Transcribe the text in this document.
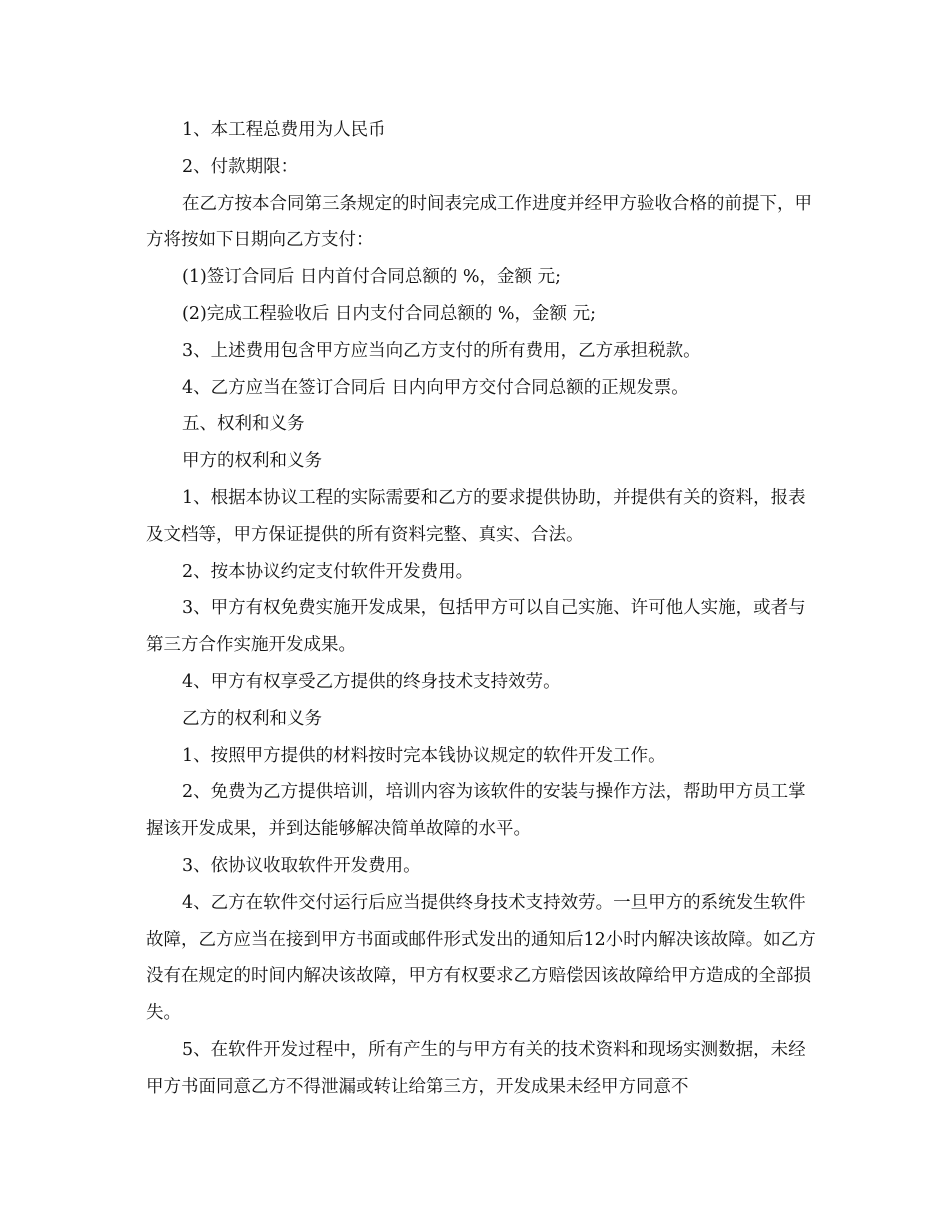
1、本工程总费用为人民币

2、付款期限：

在乙方按本合同第三条规定的时间表完成工作进度并经甲方验收合格的前提下，甲方将按如下日期向乙方支付：

(1)签订合同后 日内首付合同总额的 %，金额 元;

(2)完成工程验收后 日内支付合同总额的 %，金额 元;

3、上述费用包含甲方应当向乙方支付的所有费用，乙方承担税款。

4、乙方应当在签订合同后 日内向甲方交付合同总额的正规发票。

五、权利和义务

甲方的权利和义务

1、根据本协议工程的实际需要和乙方的要求提供协助，并提供有关的资料，报表及文档等，甲方保证提供的所有资料完整、真实、合法。

2、按本协议约定支付软件开发费用。

3、甲方有权免费实施开发成果，包括甲方可以自己实施、许可他人实施，或者与第三方合作实施开发成果。

4、甲方有权享受乙方提供的终身技术支持效劳。

乙方的权利和义务

1、按照甲方提供的材料按时完本钱协议规定的软件开发工作。

2、免费为乙方提供培训，培训内容为该软件的安装与操作方法，帮助甲方员工掌握该开发成果，并到达能够解决简单故障的水平。

3、依协议收取软件开发费用。

4、乙方在软件交付运行后应当提供终身技术支持效劳。一旦甲方的系统发生软件故障，乙方应当在接到甲方书面或邮件形式发出的通知后12小时内解决该故障。如乙方没有在规定的时间内解决该故障，甲方有权要求乙方赔偿因该故障给甲方造成的全部损失。

5、在软件开发过程中，所有产生的与甲方有关的技术资料和现场实测数据，未经甲方书面同意乙方不得泄漏或转让给第三方，开发成果未经甲方同意不
